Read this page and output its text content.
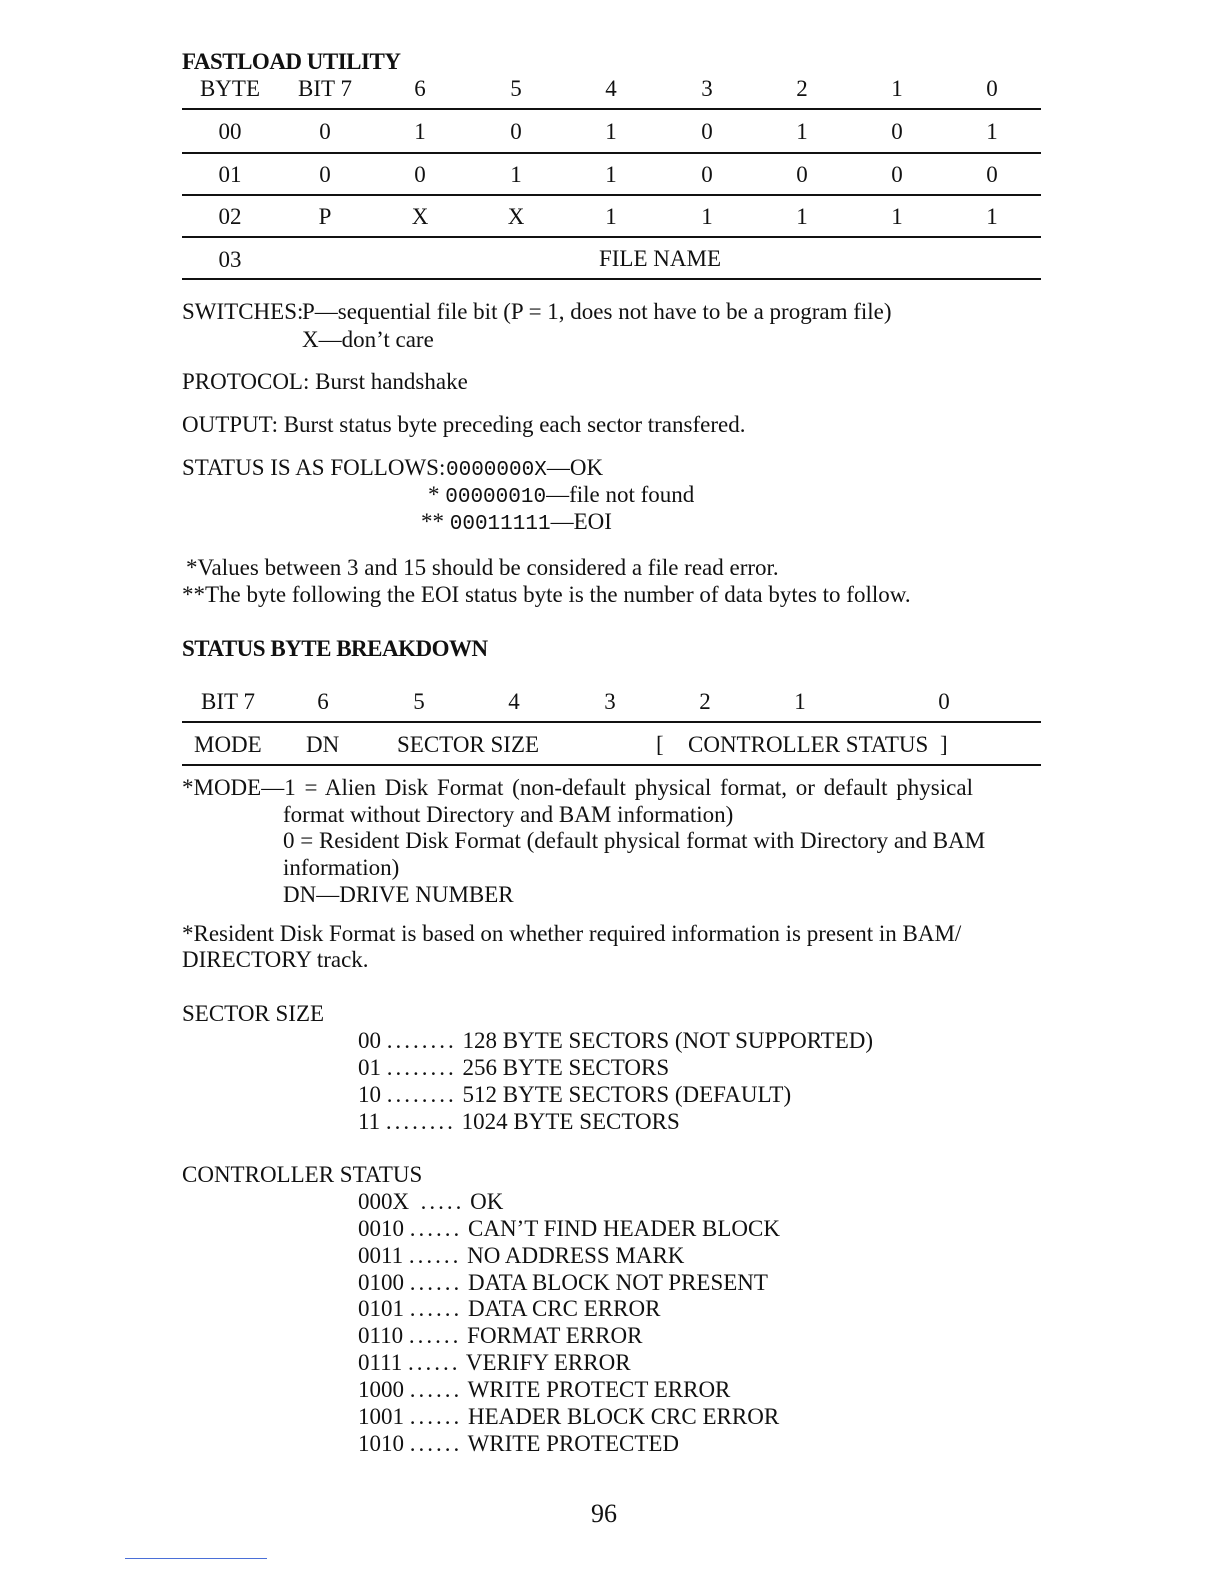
FASTLOAD UTILITY
BYTE BIT 7	6	5	4	3	2	1	0
00	0	1	0	1	0	1	0	1
01	0	0	1	1	0	0	0	0
02	P	X	X	1	1	1	1	1
03	FILE NAME
SWITCHES:
P—sequential file bit (P = 1, does not have to be a program file)
X—don’t care
PROTOCOL: Burst handshake
OUTPUT: Burst status byte preceding each sector transfered.
STATUS IS AS FOLLOWS: 0000000X—OK
* 00000010—file not found
** 00011111—EOI
*Values between 3 and 15 should be considered a file read error.
**The byte following the EOI status byte is the number of data bytes to follow.
STATUS BYTE BREAKDOWN
BIT 7	6	5	4	3	2	1	0
MODE DN	SECTOR SIZE	[ CONTROLLER STATUS ]
*MODE—1 = Alien Disk Format (non-default physical format, or default physical
format without Directory and BAM information)
0 = Resident Disk Format (default physical format with Directory and BAM
information)
DN—DRIVE NUMBER
*Resident Disk Format is based on whether required information is present in BAM/
DIRECTORY track.
SECTOR SIZE
00 ........ 128 BYTE SECTORS (NOT SUPPORTED)
01 ........ 256 BYTE SECTORS
10 ........ 512 BYTE SECTORS (DEFAULT)
11 ........ 1024 BYTE SECTORS
CONTROLLER STATUS
000X ..... OK
0010 ...... CAN’T FIND HEADER BLOCK
0011 ...... NO ADDRESS MARK
0100 ...... DATA BLOCK NOT PRESENT
0101 ...... DATA CRC ERROR
0110 ...... FORMAT ERROR
0111 ...... VERIFY ERROR
1000 ...... WRITE PROTECT ERROR
1001 ...... HEADER BLOCK CRC ERROR
1010 ...... WRITE PROTECTED
96
